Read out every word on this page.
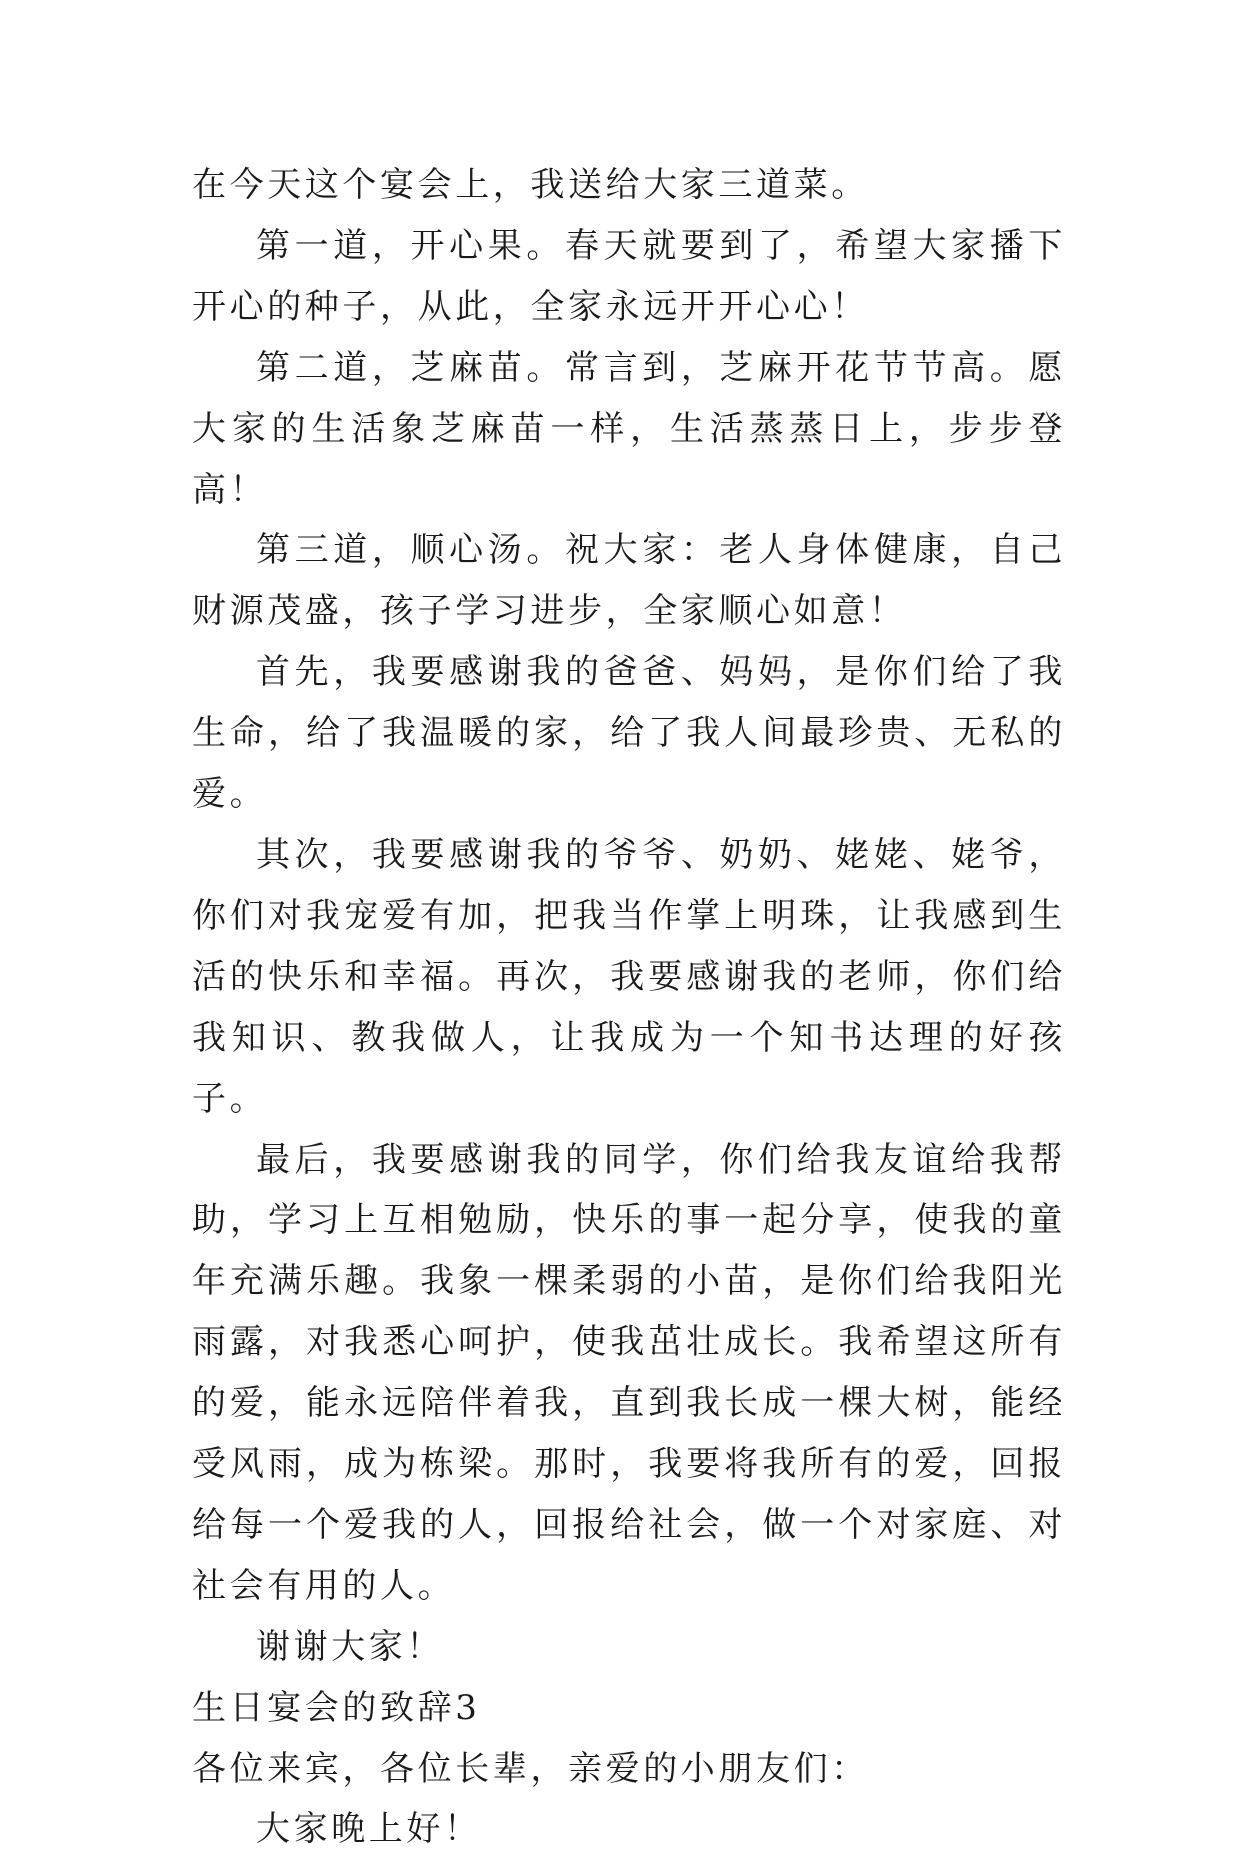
在今天这个宴会上，我送给大家三道菜。

第一道，开心果。春天就要到了，希望大家播下开心的种子，从此，全家永远开开心心！

第二道，芝麻苗。常言到，芝麻开花节节高。愿大家的生活象芝麻苗一样，生活蒸蒸日上，步步登高！

第三道，顺心汤。祝大家：老人身体健康，自己财源茂盛，孩子学习进步，全家顺心如意！

首先，我要感谢我的爸爸、妈妈，是你们给了我生命，给了我温暖的家，给了我人间最珍贵、无私的爱。

其次，我要感谢我的爷爷、奶奶、姥姥、姥爷，你们对我宠爱有加，把我当作掌上明珠，让我感到生活的快乐和幸福。再次，我要感谢我的老师，你们给我知识、教我做人，让我成为一个知书达理的好孩子。

最后，我要感谢我的同学，你们给我友谊给我帮助，学习上互相勉励，快乐的事一起分享，使我的童年充满乐趣。我象一棵柔弱的小苗，是你们给我阳光雨露，对我悉心呵护，使我茁壮成长。我希望这所有的爱，能永远陪伴着我，直到我长成一棵大树，能经受风雨，成为栋梁。那时，我要将我所有的爱，回报给每一个爱我的人，回报给社会，做一个对家庭、对社会有用的人。

谢谢大家！

生日宴会的致辞3

各位来宾，各位长辈，亲爱的小朋友们：

大家晚上好！
